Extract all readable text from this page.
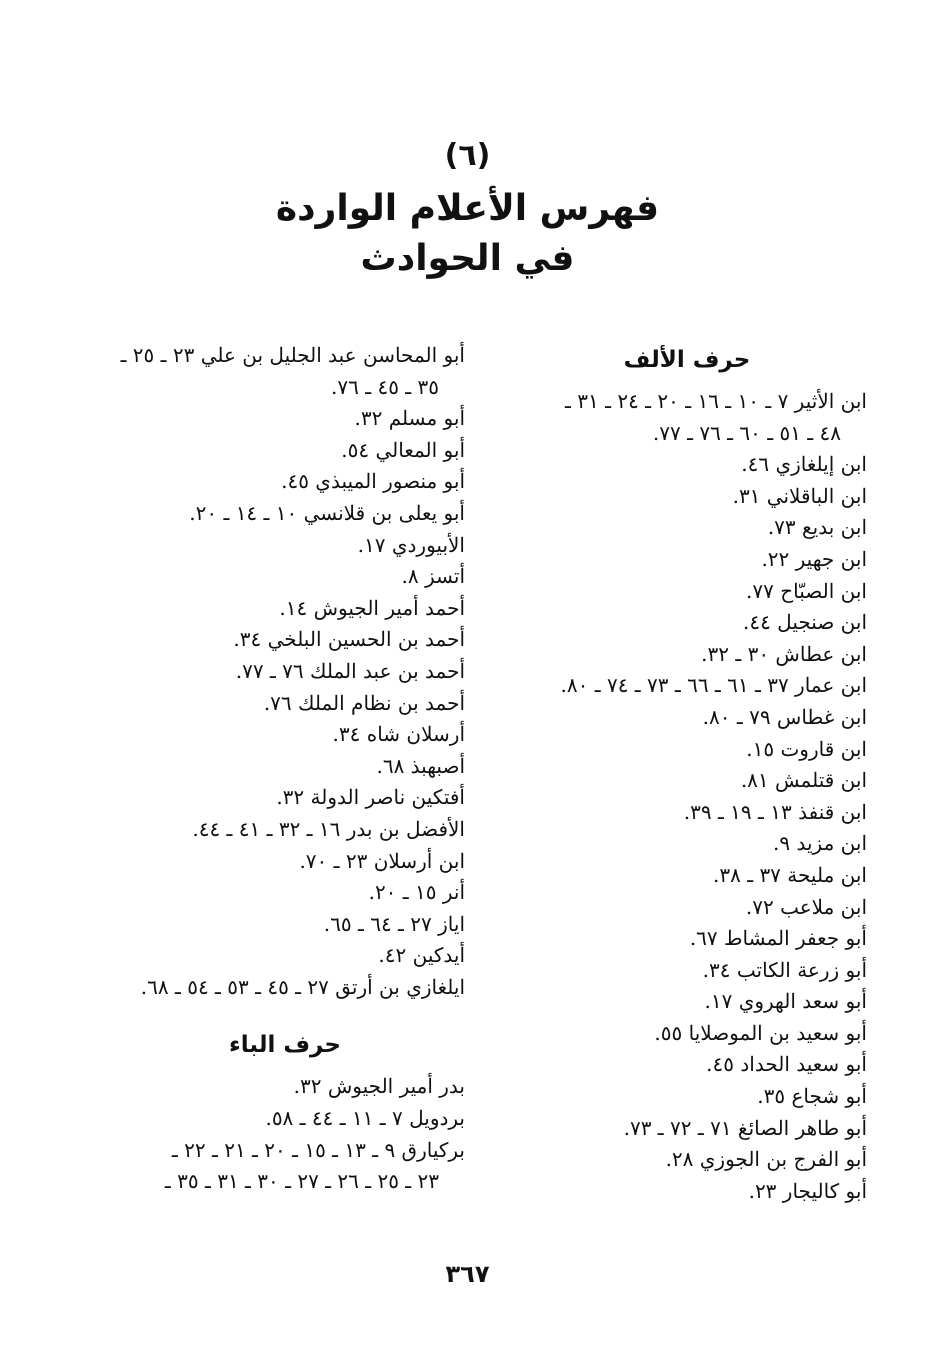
(٦)
فهرس الأعلام الواردة
في الحوادث
حرف الألف
ابن الأثير ٧ ـ ١٠ ـ ١٦ ـ ٢٠ ـ ٢٤ ـ ٣١ ـ
٤٨ ـ ٥١ ـ ٦٠ ـ ٧٦ ـ ٧٧.
ابن إيلغازي ٤٦.
ابن الباقلاني ٣١.
ابن بديع ٧٣.
ابن جهير ٢٢.
ابن الصبّاح ٧٧.
ابن صنجيل ٤٤.
ابن عطاش ٣٠ ـ ٣٢.
ابن عمار ٣٧ ـ ٦١ ـ ٦٦ ـ ٧٣ ـ ٧٤ ـ ٨٠.
ابن غطاس ٧٩ ـ ٨٠.
ابن قاروت ١٥.
ابن قتلمش ٨١.
ابن قنفذ ١٣ ـ ١٩ ـ ٣٩.
ابن مزيد ٩.
ابن مليحة ٣٧ ـ ٣٨.
ابن ملاعب ٧٢.
أبو جعفر المشاط ٦٧.
أبو زرعة الكاتب ٣٤.
أبو سعد الهروي ١٧.
أبو سعيد بن الموصلايا ٥٥.
أبو سعيد الحداد ٤٥.
أبو شجاع ٣٥.
أبو طاهر الصائغ ٧١ ـ ٧٢ ـ ٧٣.
أبو الفرج بن الجوزي ٢٨.
أبو كاليجار ٢٣.
أبو المحاسن عبد الجليل بن علي ٢٣ ـ ٢٥ ـ
٣٥ ـ ٤٥ ـ ٧٦.
أبو مسلم ٣٢.
أبو المعالي ٥٤.
أبو منصور الميبذي ٤٥.
أبو يعلى بن قلانسي ١٠ ـ ١٤ ـ ٢٠.
الأبيوردي ١٧.
أتسز ٨.
أحمد أمير الجيوش ١٤.
أحمد بن الحسين البلخي ٣٤.
أحمد بن عبد الملك ٧٦ ـ ٧٧.
أحمد بن نظام الملك ٧٦.
أرسلان شاه ٣٤.
أصبهبذ ٦٨.
أفتكين ناصر الدولة ٣٢.
الأفضل بن بدر ١٦ ـ ٣٢ ـ ٤١ ـ ٤٤.
ابن أرسلان ٢٣ ـ ٧٠.
أنر ١٥ ـ ٢٠.
اياز ٢٧ ـ ٦٤ ـ ٦٥.
أيدكين ٤٢.
ايلغازي بن أرتق ٢٧ ـ ٤٥ ـ ٥٣ ـ ٥٤ ـ ٦٨.
حرف الباء
بدر أمير الجيوش ٣٢.
بردويل ٧ ـ ١١ ـ ٤٤ ـ ٥٨.
بركيارق ٩ ـ ١٣ ـ ١٥ ـ ٢٠ ـ ٢١ ـ ٢٢ ـ
٢٣ ـ ٢٥ ـ ٢٦ ـ ٢٧ ـ ٣٠ ـ ٣١ ـ ٣٥ ـ
٣٦٧
